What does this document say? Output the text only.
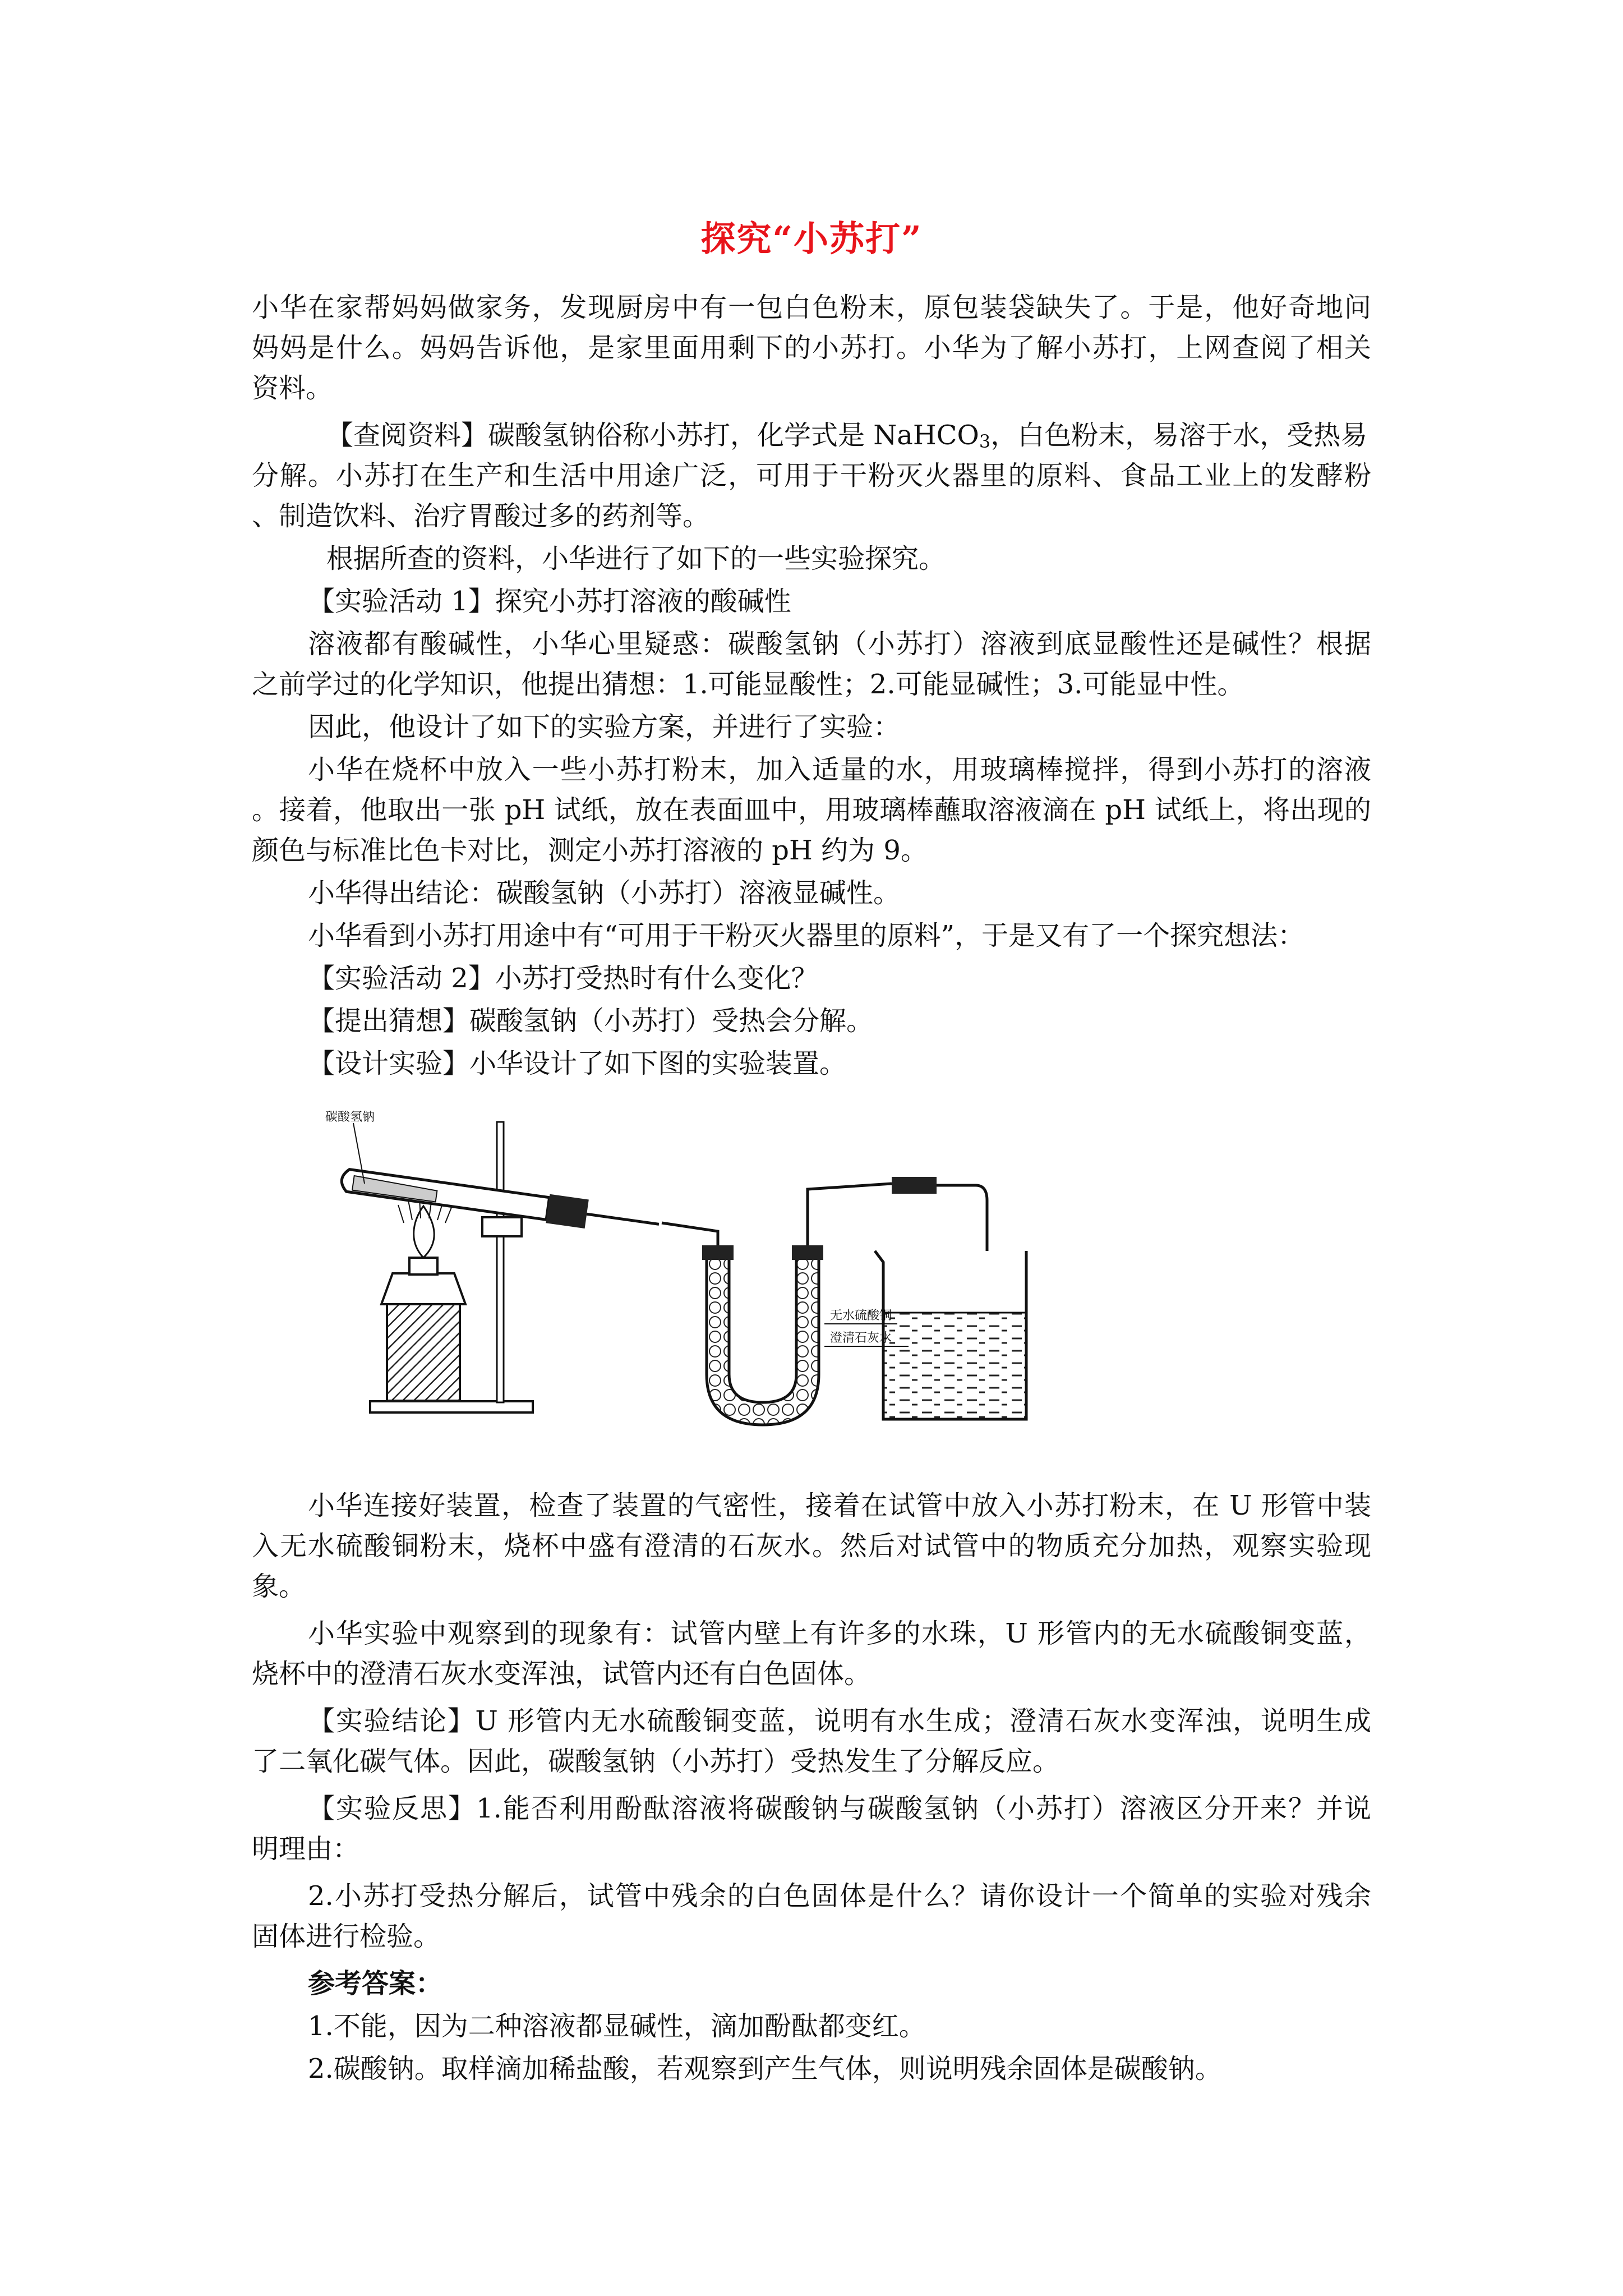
探究“小苏打”
小华在家帮妈妈做家务，发现厨房中有一包白色粉末，原包装袋缺失了。于是，他好奇地问
妈妈是什么。妈妈告诉他，是家里面用剩下的小苏打。小华为了解小苏打，上网查阅了相关
资料。
【查阅资料】碳酸氢钠俗称小苏打，化学式是 NaHCO$_3$，白色粉末，易溶于水，受热易
分解。小苏打在生产和生活中用途广泛，可用于干粉灭火器里的原料、食品工业上的发酵粉
、制造饮料、治疗胃酸过多的药剂等。
根据所查的资料，小华进行了如下的一些实验探究。
【实验活动 1】探究小苏打溶液的酸碱性
溶液都有酸碱性，小华心里疑惑：碳酸氢钠（小苏打）溶液到底显酸性还是碱性？根据
之前学过的化学知识，他提出猜想：1.可能显酸性；2.可能显碱性；3.可能显中性。
因此，他设计了如下的实验方案，并进行了实验：
小华在烧杯中放入一些小苏打粉末，加入适量的水，用玻璃棒搅拌，得到小苏打的溶液
。接着，他取出一张 pH 试纸，放在表面皿中，用玻璃棒蘸取溶液滴在 pH 试纸上，将出现的
颜色与标准比色卡对比，测定小苏打溶液的 pH 约为 9。
小华得出结论：碳酸氢钠（小苏打）溶液显碱性。
小华看到小苏打用途中有“可用于干粉灭火器里的原料”，于是又有了一个探究想法：
【实验活动 2】小苏打受热时有什么变化？
【提出猜想】碳酸氢钠（小苏打）受热会分解。
【设计实验】小华设计了如下图的实验装置。
碳酸氢钠
无水硫酸铜
澄清石灰水
小华连接好装置，检查了装置的气密性，接着在试管中放入小苏打粉末，在 U 形管中装
入无水硫酸铜粉末，烧杯中盛有澄清的石灰水。然后对试管中的物质充分加热，观察实验现
象。
小华实验中观察到的现象有：试管内壁上有许多的水珠，U 形管内的无水硫酸铜变蓝，
烧杯中的澄清石灰水变浑浊，试管内还有白色固体。
【实验结论】U 形管内无水硫酸铜变蓝，说明有水生成；澄清石灰水变浑浊，说明生成
了二氧化碳气体。因此，碳酸氢钠（小苏打）受热发生了分解反应。
【实验反思】1.能否利用酚酞溶液将碳酸钠与碳酸氢钠（小苏打）溶液区分开来？并说
明理由：
2.小苏打受热分解后，试管中残余的白色固体是什么？请你设计一个简单的实验对残余
固体进行检验。
参考答案：
1.不能，因为二种溶液都显碱性，滴加酚酞都变红。
2.碳酸钠。取样滴加稀盐酸，若观察到产生气体，则说明残余固体是碳酸钠。
